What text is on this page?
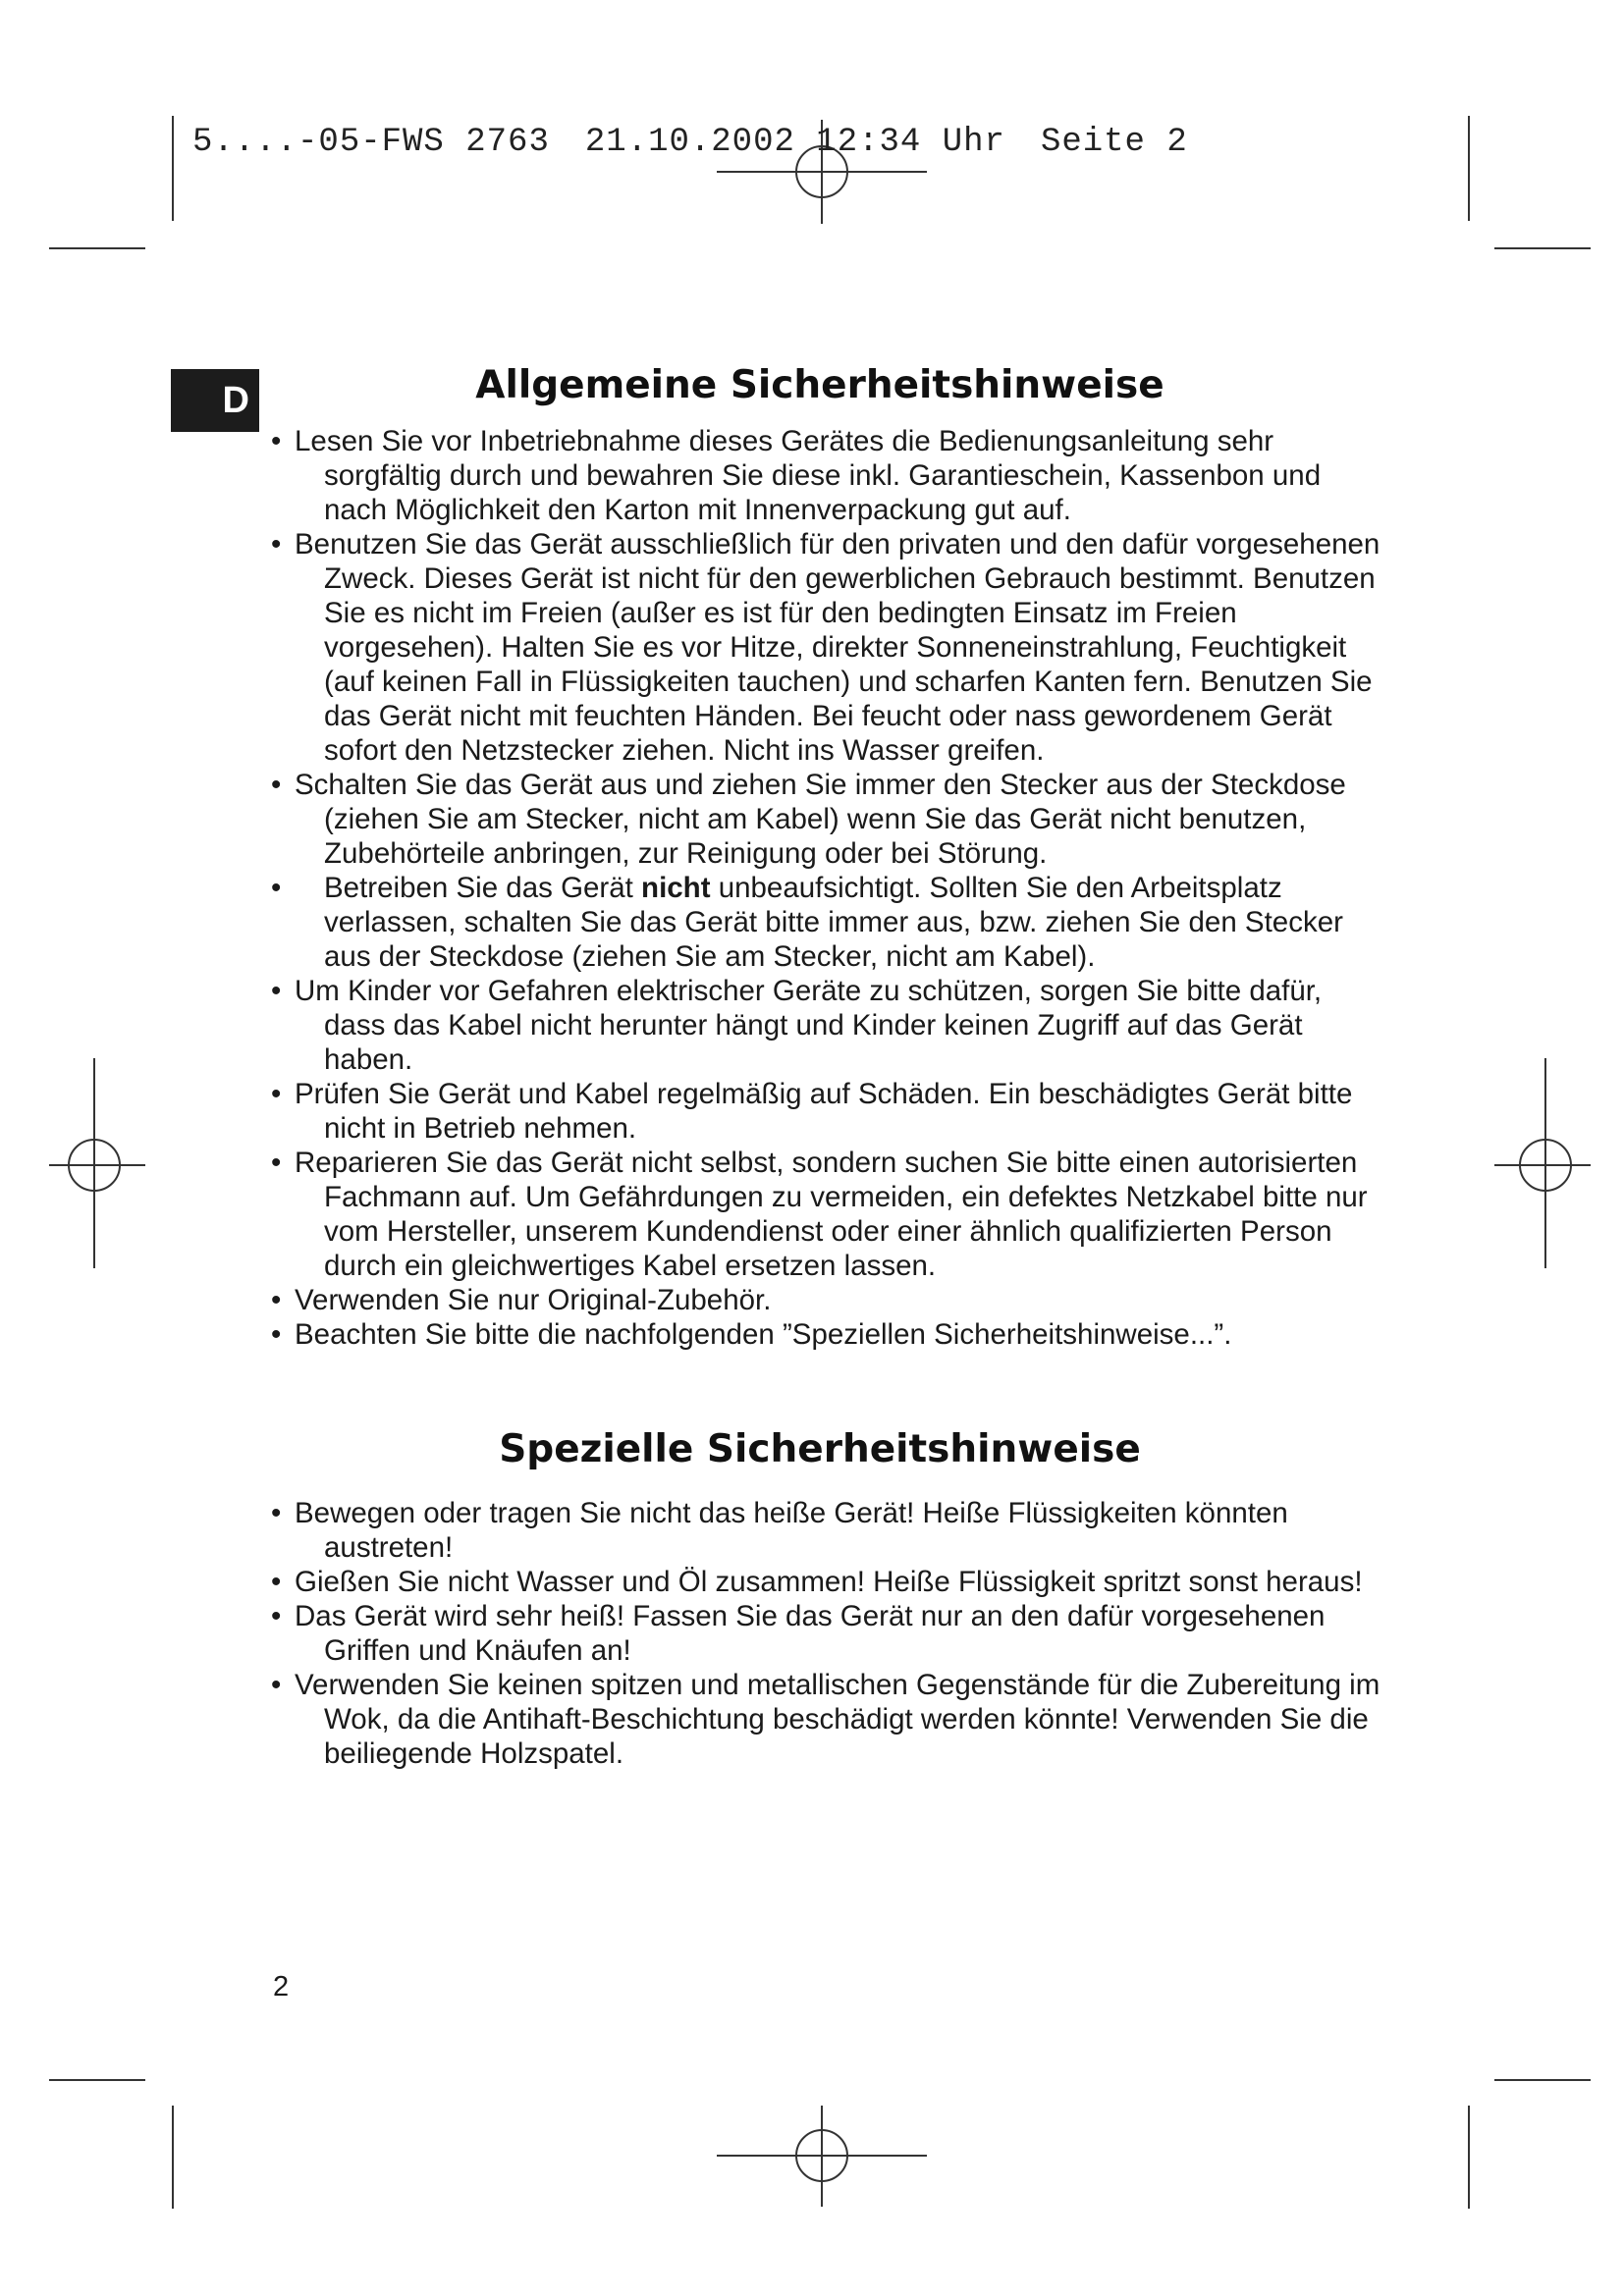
5....-05-FWS 2763 21.10.2002 12:34 Uhr Seite 2
D	Allgemeine Sicherheitshinweise
• Lesen Sie vor Inbetriebnahme dieses Gerätes die Bedienungsanleitung sehr sorgfältig durch und bewahren Sie diese inkl. Garantieschein, Kassenbon und nach Möglichkeit den Karton mit Innenverpackung gut auf.
• Benutzen Sie das Gerät ausschließlich für den privaten und den dafür vorgesehenen Zweck. Dieses Gerät ist nicht für den gewerblichen Gebrauch bestimmt. Benutzen Sie es nicht im Freien (außer es ist für den bedingten Einsatz im Freien vorgesehen). Halten Sie es vor Hitze, direkter Sonneneinstrahlung, Feuchtigkeit (auf keinen Fall in Flüssigkeiten tauchen) und scharfen Kanten fern. Benutzen Sie das Gerät nicht mit feuchten Händen. Bei feucht oder nass gewordenem Gerät sofort den Netzstecker ziehen. Nicht ins Wasser greifen.
• Schalten Sie das Gerät aus und ziehen Sie immer den Stecker aus der Steckdose (ziehen Sie am Stecker, nicht am Kabel) wenn Sie das Gerät nicht benutzen, Zubehörteile anbringen, zur Reinigung oder bei Störung.
• Betreiben Sie das Gerät nicht unbeaufsichtigt. Sollten Sie den Arbeitsplatz verlassen, schalten Sie das Gerät bitte immer aus, bzw. ziehen Sie den Stecker aus der Steckdose (ziehen Sie am Stecker, nicht am Kabel).
• Um Kinder vor Gefahren elektrischer Geräte zu schützen, sorgen Sie bitte dafür, dass das Kabel nicht herunter hängt und Kinder keinen Zugriff auf das Gerät haben.
• Prüfen Sie Gerät und Kabel regelmäßig auf Schäden. Ein beschädigtes Gerät bitte nicht in Betrieb nehmen.
• Reparieren Sie das Gerät nicht selbst, sondern suchen Sie bitte einen autorisierten Fachmann auf. Um Gefährdungen zu vermeiden, ein defektes Netzkabel bitte nur vom Hersteller, unserem Kundendienst oder einer ähnlich qualifizierten Person durch ein gleichwertiges Kabel ersetzen lassen.
• Verwenden Sie nur Original-Zubehör.
• Beachten Sie bitte die nachfolgenden ”Speziellen Sicherheitshinweise...”.
Spezielle Sicherheitshinweise
• Bewegen oder tragen Sie nicht das heiße Gerät! Heiße Flüssigkeiten könnten austreten!
• Gießen Sie nicht Wasser und Öl zusammen! Heiße Flüssigkeit spritzt sonst heraus!
• Das Gerät wird sehr heiß! Fassen Sie das Gerät nur an den dafür vorgesehenen Griffen und Knäufen an!
• Verwenden Sie keinen spitzen und metallischen Gegenstände für die Zubereitung im Wok, da die Antihaft-Beschichtung beschädigt werden könnte! Verwenden Sie die beiliegende Holzspatel.
2
